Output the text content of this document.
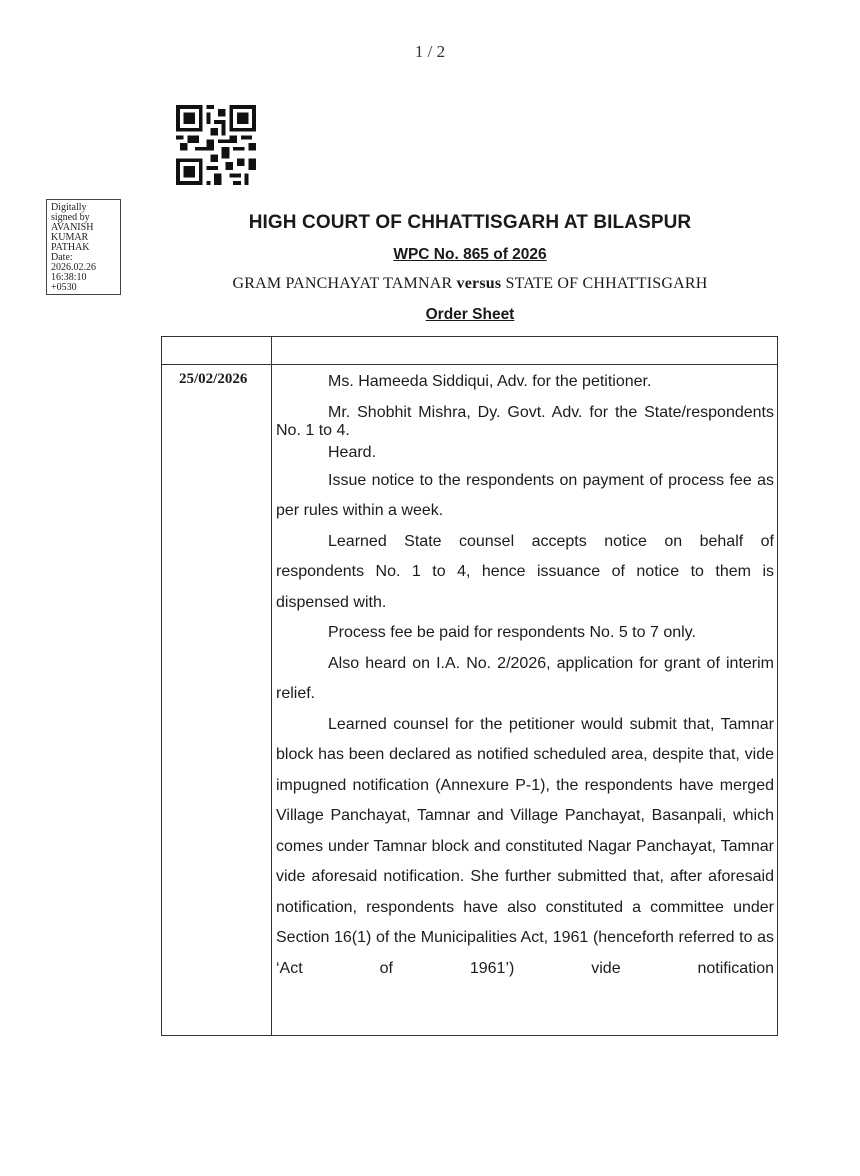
1 / 2
Digitally
signed by
AVANISH
KUMAR
PATHAK
Date:
2026.02.26
16:38:10
+0530
HIGH COURT OF CHHATTISGARH AT BILASPUR
WPC No. 865 of 2026
GRAM PANCHAYAT TAMNAR versus STATE OF CHHATTISGARH
Order Sheet
25/02/2026	Ms. Hameeda Siddiqui, Adv. for the petitioner.

Mr. Shobhit Mishra, Dy. Govt. Adv. for the State/respondents No. 1 to 4.

Heard.

Issue notice to the respondents on payment of process fee as per rules within a week.

Learned State counsel accepts notice on behalf of respondents No. 1 to 4, hence issuance of notice to them is dispensed with.

Process fee be paid for respondents No. 5 to 7 only.

Also heard on I.A. No. 2/2026, application for grant of interim relief.

Learned counsel for the petitioner would submit that, Tamnar block has been declared as notified scheduled area, despite that, vide impugned notification (Annexure P-1), the respondents have merged Village Panchayat, Tamnar and Village Panchayat, Basanpali, which comes under Tamnar block and constituted Nagar Panchayat, Tamnar vide aforesaid notification. She further submitted that, after aforesaid notification, respondents have also constituted a committee under Section 16(1) of the Municipalities Act, 1961 (henceforth referred to as ‘Act of 1961’) vide notification
